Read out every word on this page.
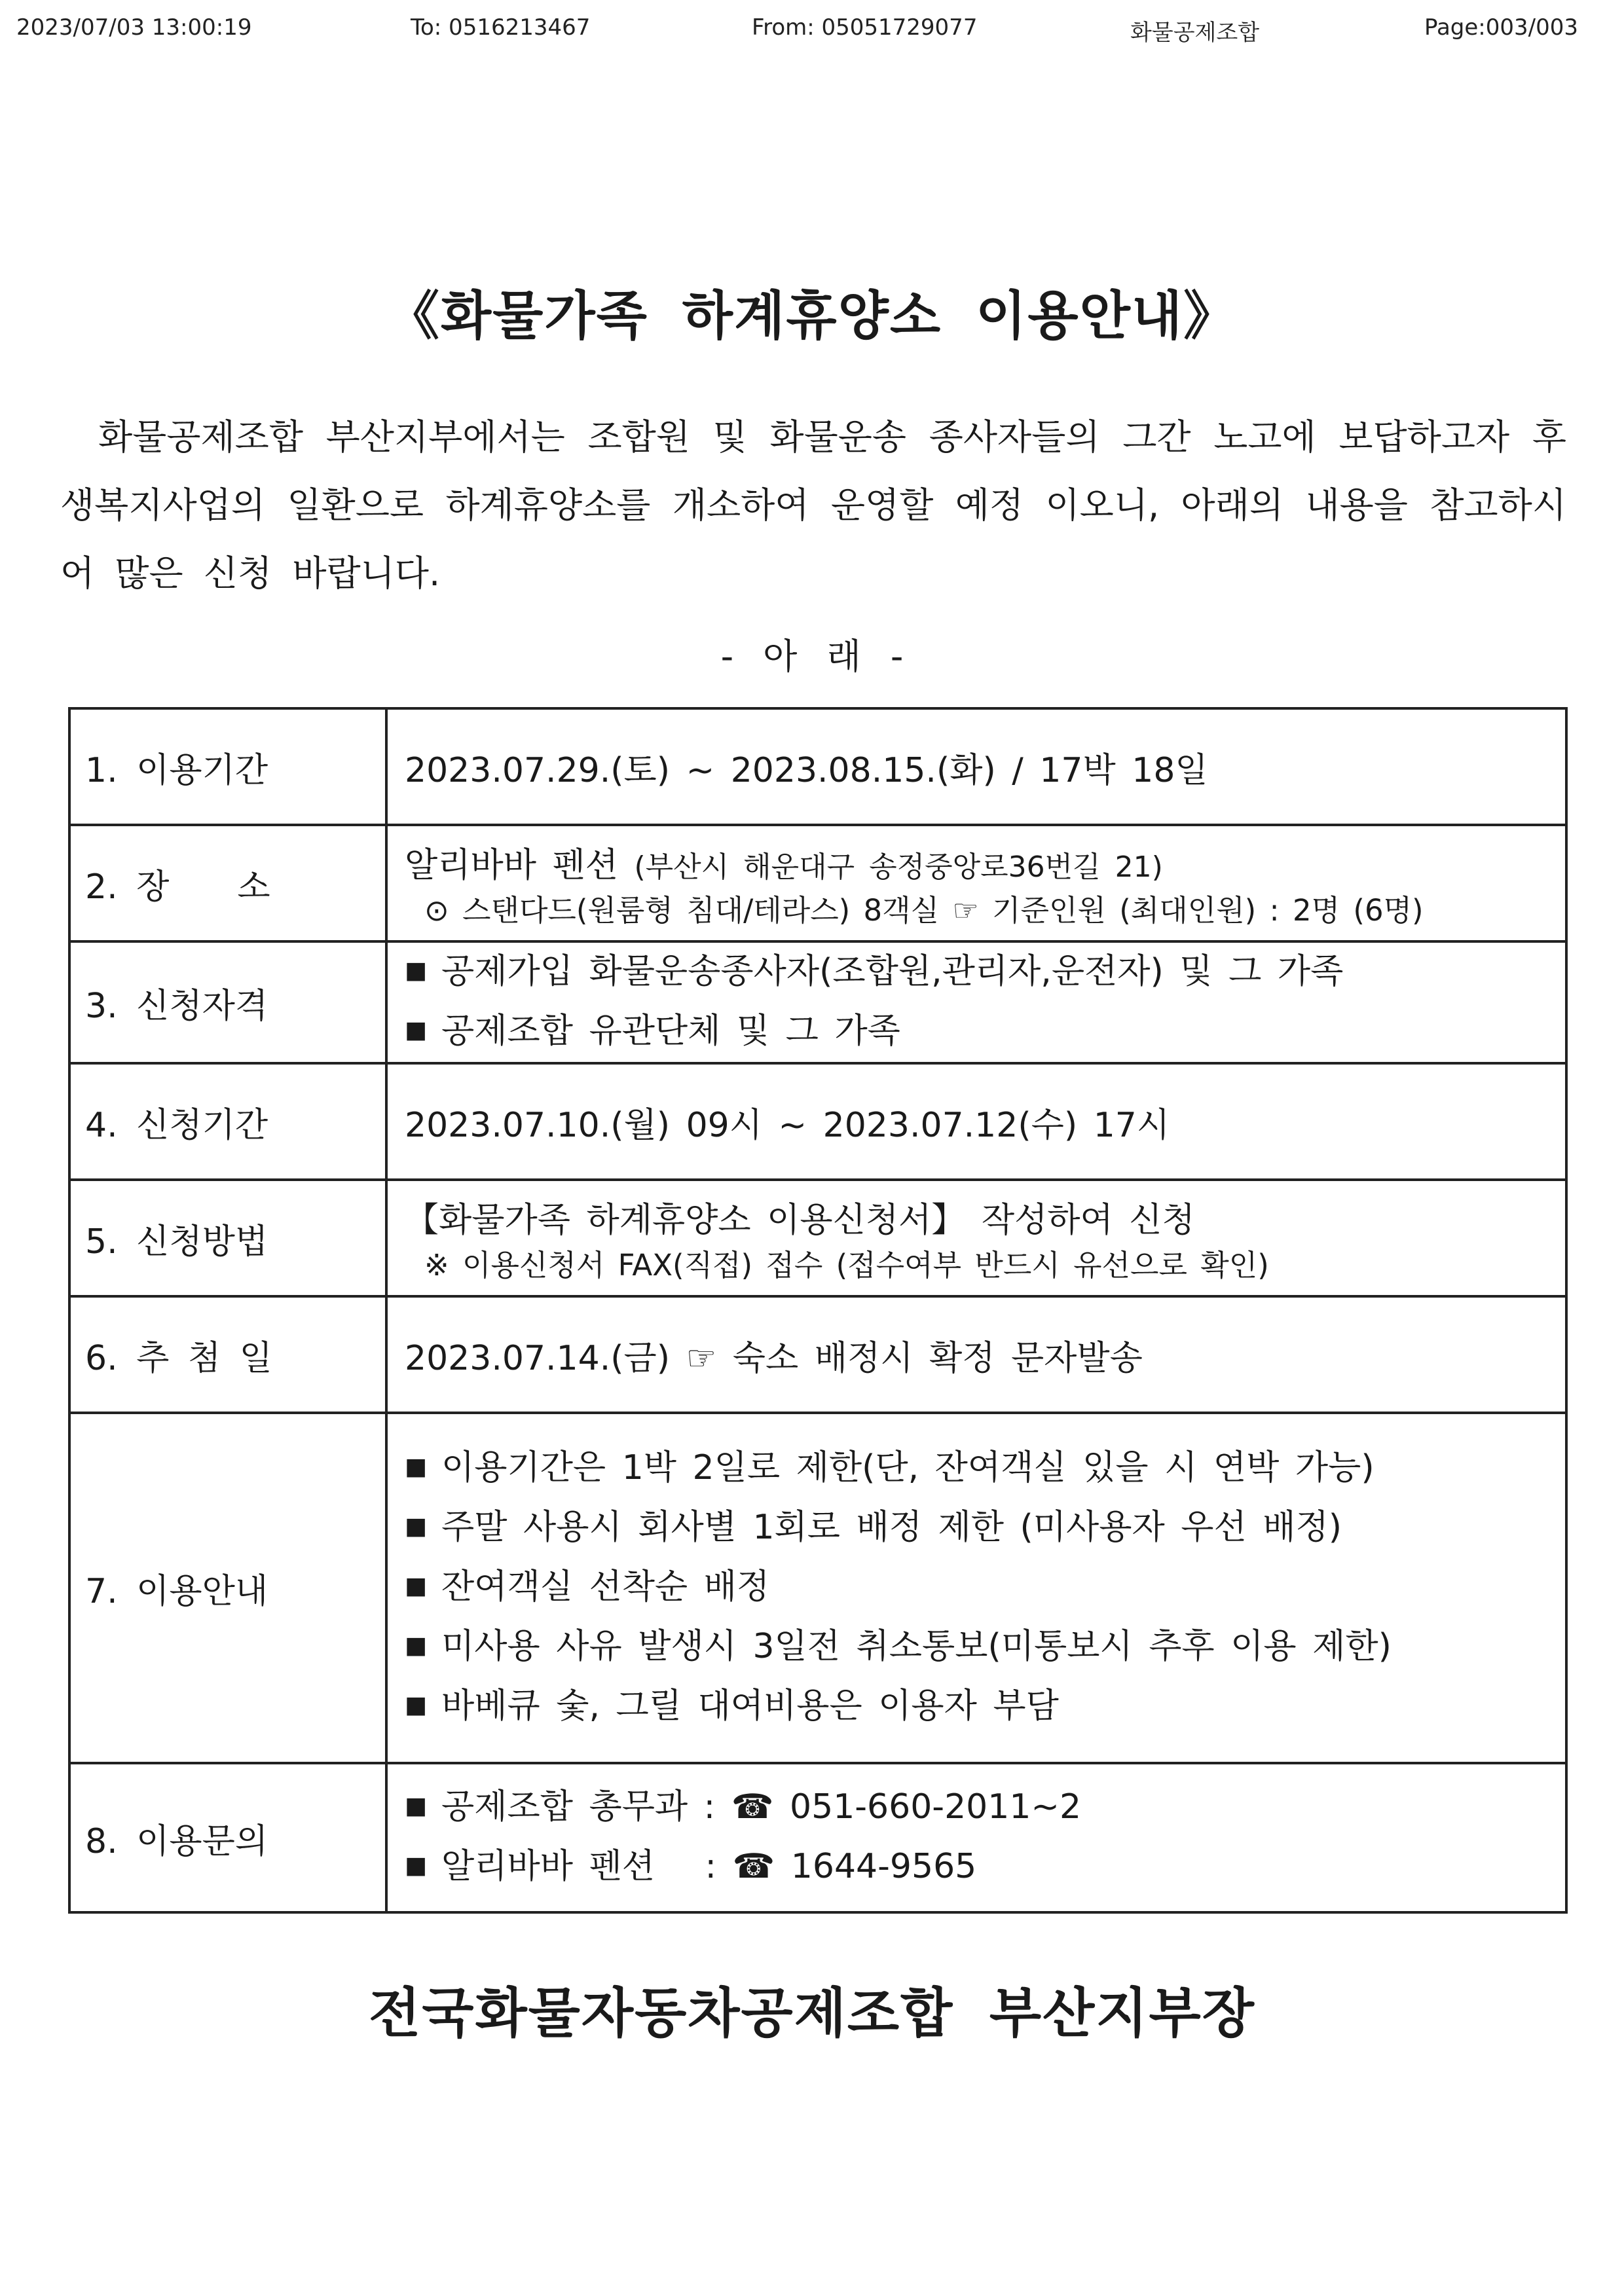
2023/07/03 13:00:19	To: 0516213467	From: 05051729077	화물공제조합	Page:003/003
《화물가족 하계휴양소 이용안내》
화물공제조합 부산지부에서는 조합원 및 화물운송 종사자들의 그간 노고에 보답하고자 후생복지사업의 일환으로 하계휴양소를 개소하여 운영할 예정 이오니, 아래의 내용을 참고하시어 많은 신청 바랍니다.
- 아 래 -
1. 이용기간	2023.07.29.(토) ~ 2023.08.15.(화) / 17박 18일

2. 장　　소	알리바바 펜션 (부산시 해운대구 송정중앙로36번길 21)
⊙ 스탠다드(원룸형 침대/테라스) 8객실 ☞ 기준인원 (최대인원) : 2명 (6명)

3. 신청자격	■ 공제가입 화물운송종사자(조합원,관리자,운전자) 및 그 가족
■ 공제조합 유관단체 및 그 가족

4. 신청기간	2023.07.10.(월) 09시 ~ 2023.07.12(수) 17시

5. 신청방법	【화물가족 하계휴양소 이용신청서】 작성하여 신청
※ 이용신청서 FAX(직접) 접수 (접수여부 반드시 유선으로 확인)

6. 추 첨 일	2023.07.14.(금) ☞ 숙소 배정시 확정 문자발송

7. 이용안내	■ 이용기간은 1박 2일로 제한(단, 잔여객실 있을 시 연박 가능)
■ 주말 사용시 회사별 1회로 배정 제한 (미사용자 우선 배정)
■ 잔여객실 선착순 배정
■ 미사용 사유 발생시 3일전 취소통보(미통보시 추후 이용 제한)
■ 바베큐 숯, 그릴 대여비용은 이용자 부담

8. 이용문의	■ 공제조합 총무과 : ☎ 051-660-2011~2
■ 알리바바 펜션　 : ☎ 1644-9565
전국화물자동차공제조합 부산지부장
